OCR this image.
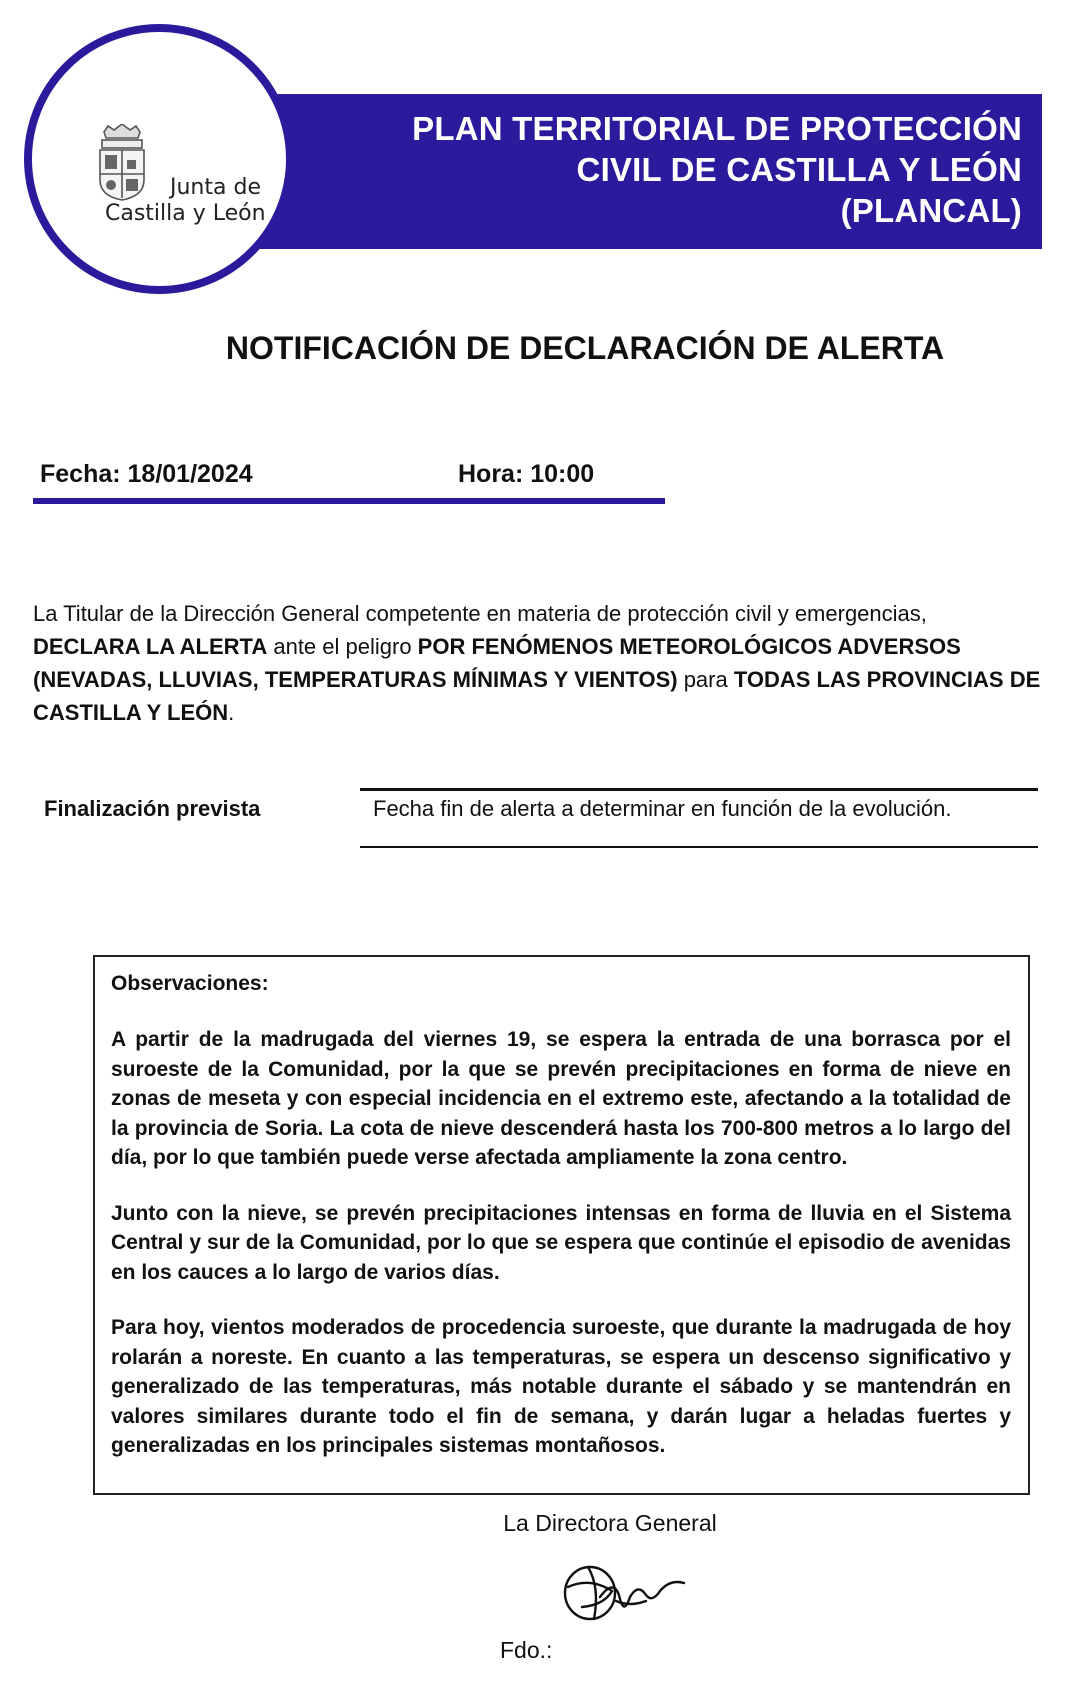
PLAN TERRITORIAL DE PROTECCIÓN
CIVIL DE CASTILLA Y LEÓN
(PLANCAL)
Junta de
Castilla y León
NOTIFICACIÓN DE DECLARACIÓN DE ALERTA
Fecha: 18/01/2024	Hora: 10:00
La Titular de la Dirección General competente en materia de protección civil y emergencias,
DECLARA LA ALERTA ante el peligro POR FENÓMENOS METEOROLÓGICOS ADVERSOS (NEVADAS, LLUVIAS, TEMPERATURAS MÍNIMAS Y VIENTOS) para TODAS LAS PROVINCIAS DE CASTILLA Y LEÓN.
Finalización prevista	Fecha fin de alerta a determinar en función de la evolución.
Observaciones:

A partir de la madrugada del viernes 19, se espera la entrada de una borrasca por el suroeste de la Comunidad, por la que se prevén precipitaciones en forma de nieve en zonas de meseta y con especial incidencia en el extremo este, afectando a la totalidad de la provincia de Soria. La cota de nieve descenderá hasta los 700-800 metros a lo largo del día, por lo que también puede verse afectada ampliamente la zona centro.

Junto con la nieve, se prevén precipitaciones intensas en forma de lluvia en el Sistema Central y sur de la Comunidad, por lo que se espera que continúe el episodio de avenidas en los cauces a lo largo de varios días.

Para hoy, vientos moderados de procedencia suroeste, que durante la madrugada de hoy rolarán a noreste. En cuanto a las temperaturas, se espera un descenso significativo y generalizado de las temperaturas, más notable durante el sábado y se mantendrán en valores similares durante todo el fin de semana, y darán lugar a heladas fuertes y generalizadas en los principales sistemas montañosos.

La Directora General
Fdo.:
